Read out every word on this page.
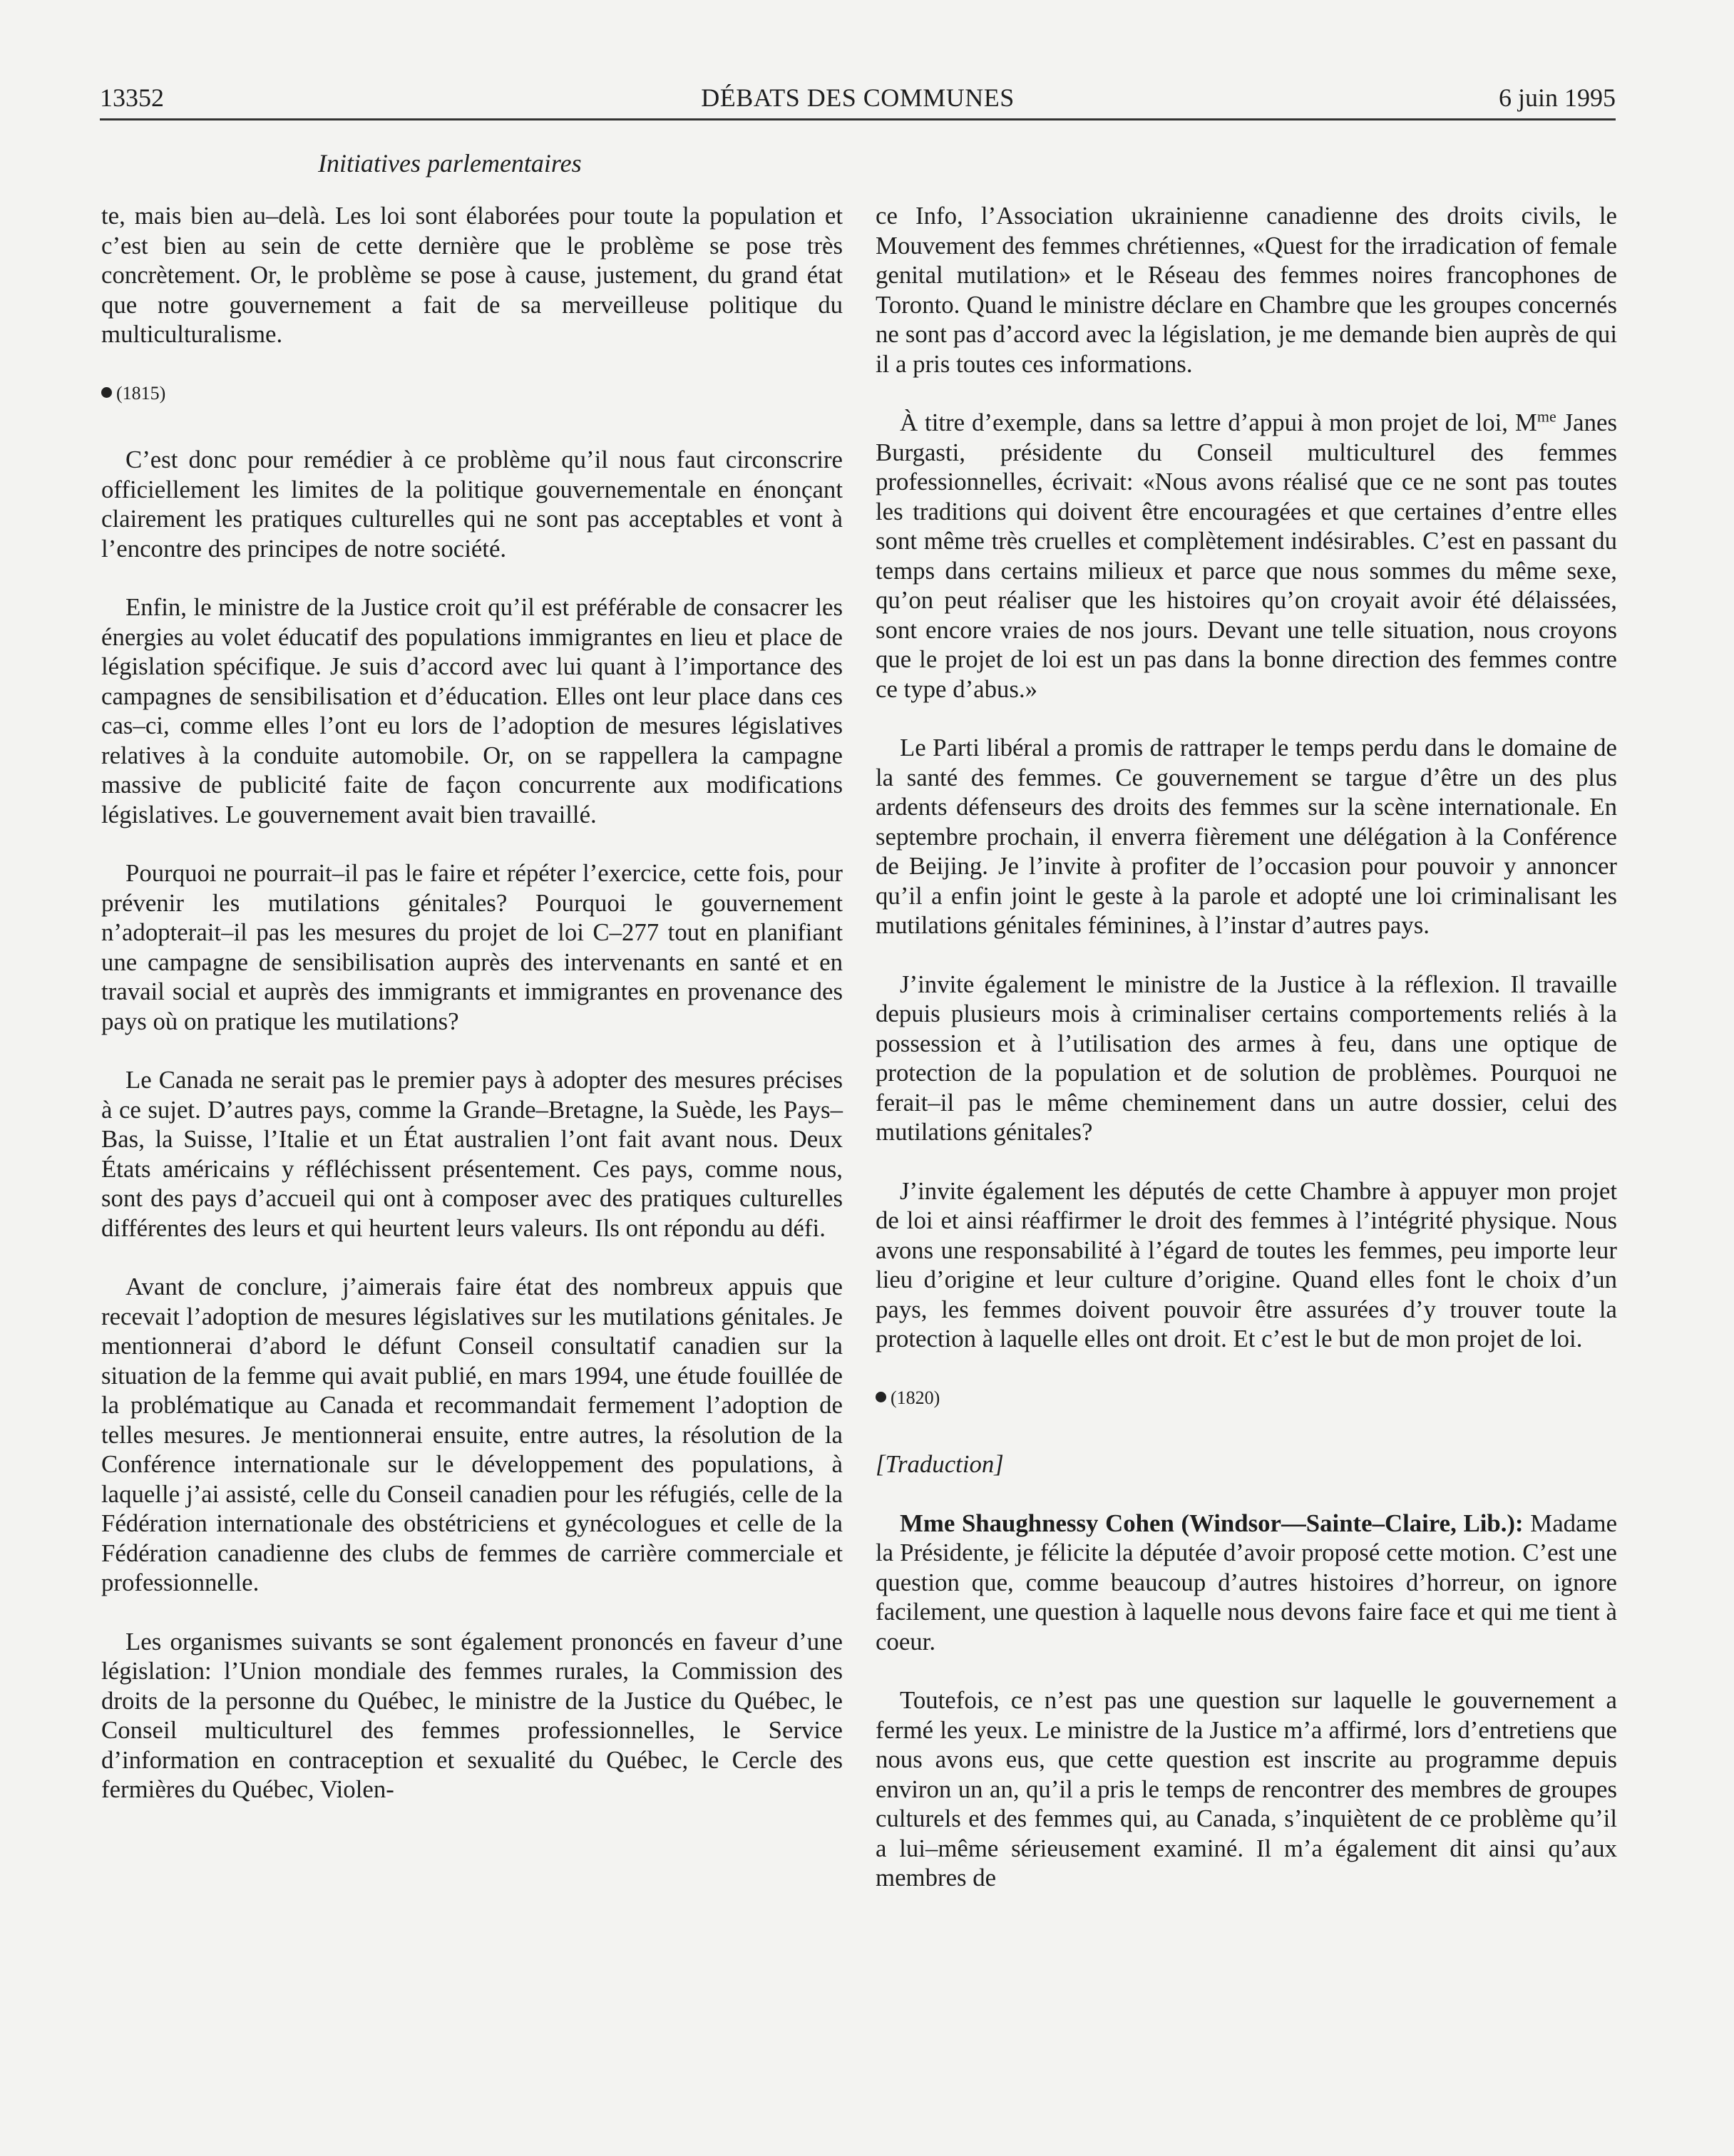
13352	DÉBATS DES COMMUNES	6 juin 1995
Initiatives parlementaires

te, mais bien au–delà. Les loi sont élaborées pour toute la population et c’est bien au sein de cette dernière que le problème se pose très concrètement. Or, le problème se pose à cause, justement, du grand état que notre gouvernement a fait de sa merveilleuse politique du multiculturalisme.

(1815)

C’est donc pour remédier à ce problème qu’il nous faut circonscrire officiellement les limites de la politique gouvernementale en énonçant clairement les pratiques culturelles qui ne sont pas acceptables et vont à l’encontre des principes de notre société.

Enfin, le ministre de la Justice croit qu’il est préférable de consacrer les énergies au volet éducatif des populations immigrantes en lieu et place de législation spécifique. Je suis d’accord avec lui quant à l’importance des campagnes de sensibilisation et d’éducation. Elles ont leur place dans ces cas–ci, comme elles l’ont eu lors de l’adoption de mesures législatives relatives à la conduite automobile. Or, on se rappellera la campagne massive de publicité faite de façon concurrente aux modifications législatives. Le gouvernement avait bien travaillé.

Pourquoi ne pourrait–il pas le faire et répéter l’exercice, cette fois, pour prévenir les mutilations génitales? Pourquoi le gouvernement n’adopterait–il pas les mesures du projet de loi C–277 tout en planifiant une campagne de sensibilisation auprès des intervenants en santé et en travail social et auprès des immigrants et immigrantes en provenance des pays où on pratique les mutilations?

Le Canada ne serait pas le premier pays à adopter des mesures précises à ce sujet. D’autres pays, comme la Grande–Bretagne, la Suède, les Pays–Bas, la Suisse, l’Italie et un État australien l’ont fait avant nous. Deux États américains y réfléchissent présentement. Ces pays, comme nous, sont des pays d’accueil qui ont à composer avec des pratiques culturelles différentes des leurs et qui heurtent leurs valeurs. Ils ont répondu au défi.

Avant de conclure, j’aimerais faire état des nombreux appuis que recevait l’adoption de mesures législatives sur les mutilations génitales. Je mentionnerai d’abord le défunt Conseil consultatif canadien sur la situation de la femme qui avait publié, en mars 1994, une étude fouillée de la problématique au Canada et recommandait fermement l’adoption de telles mesures. Je mentionnerai ensuite, entre autres, la résolution de la Conférence internationale sur le développement des populations, à laquelle j’ai assisté, celle du Conseil canadien pour les réfugiés, celle de la Fédération internationale des obstétriciens et gynécologues et celle de la Fédération canadienne des clubs de femmes de carrière commerciale et professionnelle.

Les organismes suivants se sont également prononcés en faveur d’une législation: l’Union mondiale des femmes rurales, la Commission des droits de la personne du Québec, le ministre de la Justice du Québec, le Conseil multiculturel des femmes professionnelles, le Service d’information en contraception et sexualité du Québec, le Cercle des fermières du Québec, Violen-

ce Info, l’Association ukrainienne canadienne des droits civils, le Mouvement des femmes chrétiennes, «Quest for the irradication of female genital mutilation» et le Réseau des femmes noires francophones de Toronto. Quand le ministre déclare en Chambre que les groupes concernés ne sont pas d’accord avec la législation, je me demande bien auprès de qui il a pris toutes ces informations.

À titre d’exemple, dans sa lettre d’appui à mon projet de loi, $M^{me}$ Janes Burgasti, présidente du Conseil multiculturel des femmes professionnelles, écrivait: «Nous avons réalisé que ce ne sont pas toutes les traditions qui doivent être encouragées et que certaines d’entre elles sont même très cruelles et complètement indésirables. C’est en passant du temps dans certains milieux et parce que nous sommes du même sexe, qu’on peut réaliser que les histoires qu’on croyait avoir été délaissées, sont encore vraies de nos jours. Devant une telle situation, nous croyons que le projet de loi est un pas dans la bonne direction des femmes contre ce type d’abus.»

Le Parti libéral a promis de rattraper le temps perdu dans le domaine de la santé des femmes. Ce gouvernement se targue d’être un des plus ardents défenseurs des droits des femmes sur la scène internationale. En septembre prochain, il enverra fièrement une délégation à la Conférence de Beijing. Je l’invite à profiter de l’occasion pour pouvoir y annoncer qu’il a enfin joint le geste à la parole et adopté une loi criminalisant les mutilations génitales féminines, à l’instar d’autres pays.

J’invite également le ministre de la Justice à la réflexion. Il travaille depuis plusieurs mois à criminaliser certains comportements reliés à la possession et à l’utilisation des armes à feu, dans une optique de protection de la population et de solution de problèmes. Pourquoi ne ferait–il pas le même cheminement dans un autre dossier, celui des mutilations génitales?

J’invite également les députés de cette Chambre à appuyer mon projet de loi et ainsi réaffirmer le droit des femmes à l’intégrité physique. Nous avons une responsabilité à l’égard de toutes les femmes, peu importe leur lieu d’origine et leur culture d’origine. Quand elles font le choix d’un pays, les femmes doivent pouvoir être assurées d’y trouver toute la protection à laquelle elles ont droit. Et c’est le but de mon projet de loi.

(1820)
[Traduction]

Mme Shaughnessy Cohen (Windsor—Sainte–Claire, Lib.): Madame la Présidente, je félicite la députée d’avoir proposé cette motion. C’est une question que, comme beaucoup d’autres histoires d’horreur, on ignore facilement, une question à laquelle nous devons faire face et qui me tient à coeur.

Toutefois, ce n’est pas une question sur laquelle le gouvernement a fermé les yeux. Le ministre de la Justice m’a affirmé, lors d’entretiens que nous avons eus, que cette question est inscrite au programme depuis environ un an, qu’il a pris le temps de rencontrer des membres de groupes culturels et des femmes qui, au Canada, s’inquiètent de ce problème qu’il a lui–même sérieusement examiné. Il m’a également dit ainsi qu’aux membres de
